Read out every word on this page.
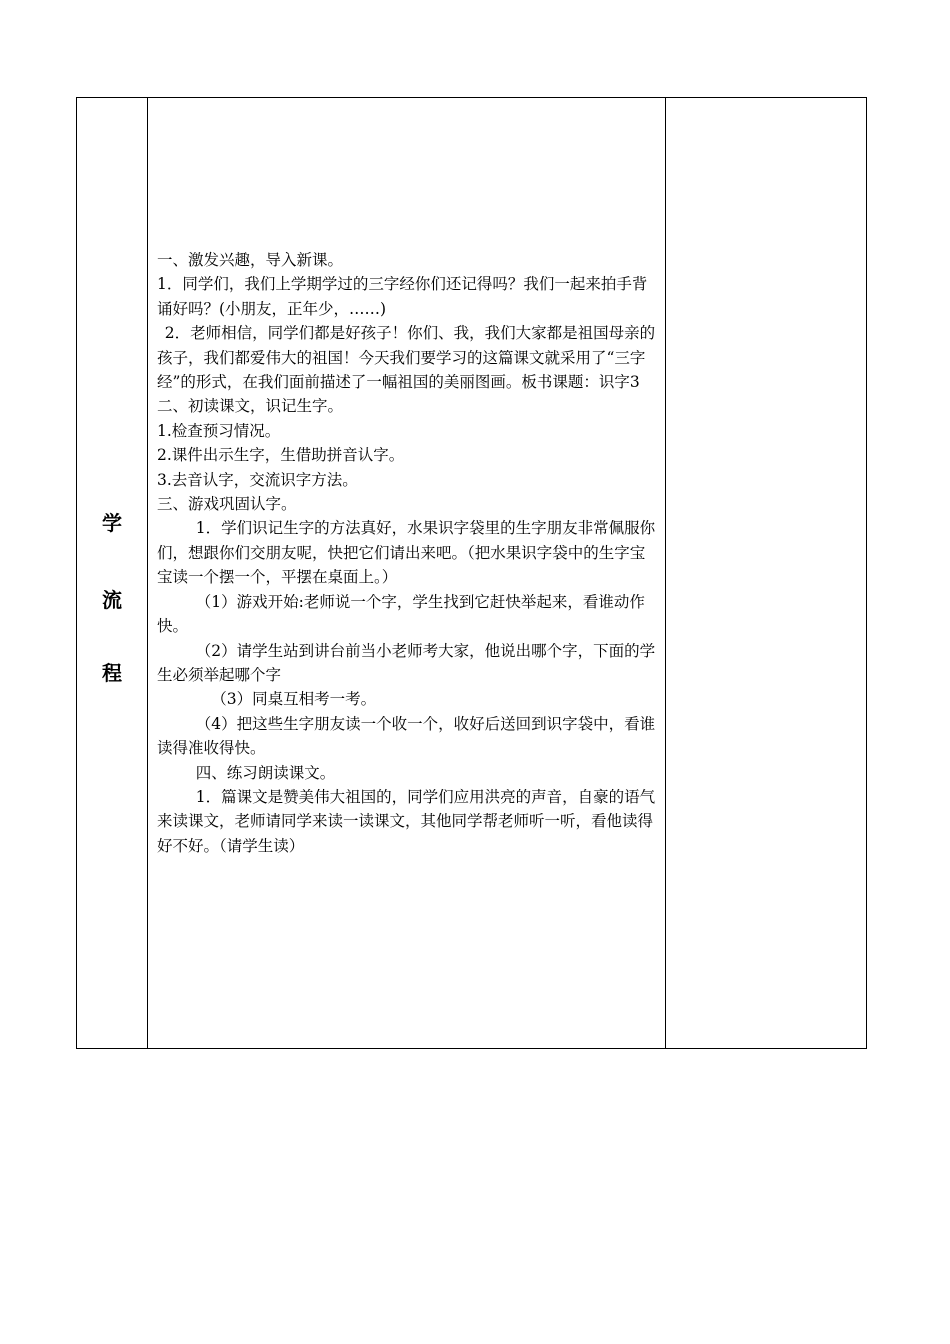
学
流
程

一、激发兴趣，导入新课。

1．同学们，我们上学期学过的三字经你们还记得吗？我们一起来拍手背诵好吗？(小朋友，正年少，……)

2．老师相信，同学们都是好孩子！你们、我，我们大家都是祖国母亲的孩子，我们都爱伟大的祖国！今天我们要学习的这篇课文就采用了“三字经”的形式，在我们面前描述了一幅祖国的美丽图画。板书课题：识字3

二、初读课文，识记生字。

1.检查预习情况。

2.课件出示生字，生借助拼音认字。

3.去音认字，交流识字方法。

三、游戏巩固认字。

1．学们识记生字的方法真好，水果识字袋里的生字朋友非常佩服你们，想跟你们交朋友呢，快把它们请出来吧。（把水果识字袋中的生字宝宝读一个摆一个，平摆在桌面上。）

（1）游戏开始:老师说一个字，学生找到它赶快举起来，看谁动作快。

（2）请学生站到讲台前当小老师考大家，他说出哪个字，下面的学生必须举起哪个字

（3）同桌互相考一考。

（4）把这些生字朋友读一个收一个，收好后送回到识字袋中，看谁读得准收得快。

四、练习朗读课文。

1．篇课文是赞美伟大祖国的，同学们应用洪亮的声音，自豪的语气来读课文，老师请同学来读一读课文，其他同学帮老师听一听，看他读得好不好。（请学生读）
